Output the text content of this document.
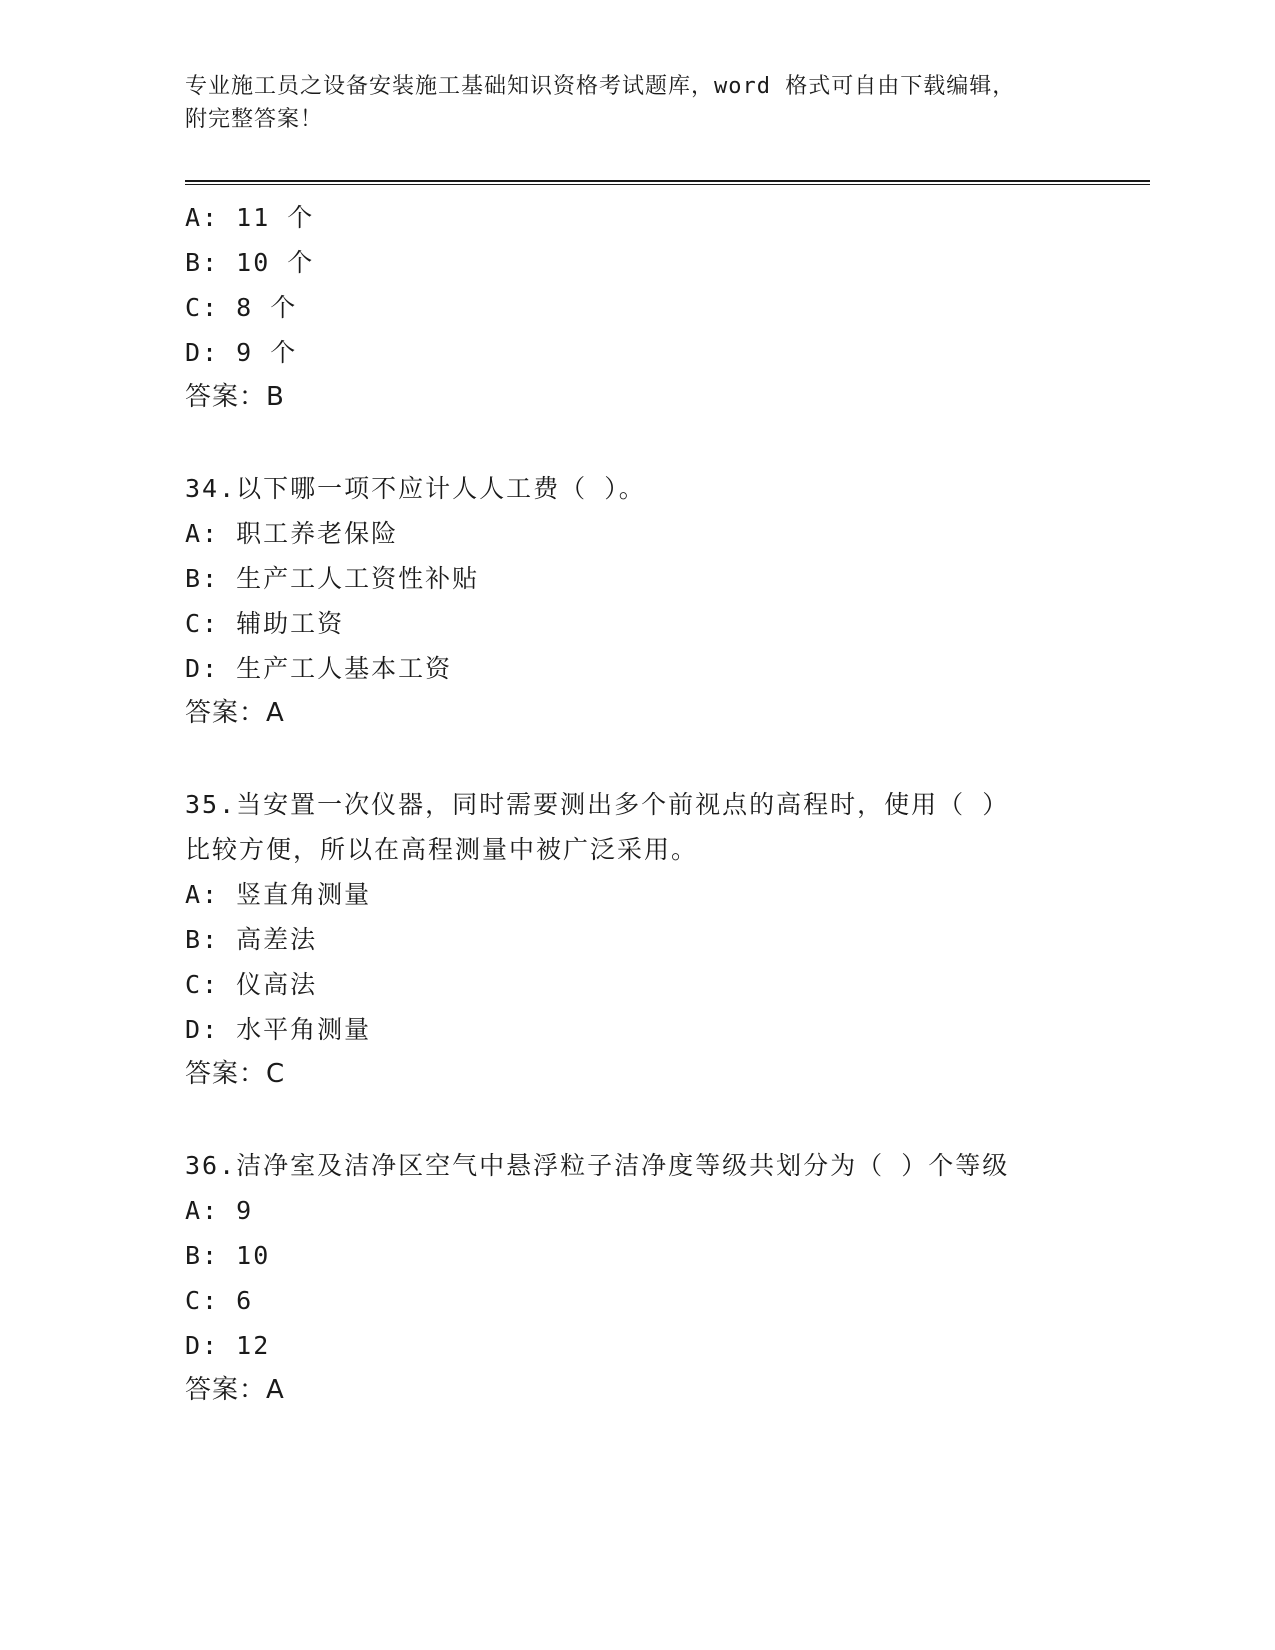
专业施工员之设备安装施工基础知识资格考试题库，word 格式可自由下载编辑，
附完整答案！

A: 11 个
B: 10 个
C: 8 个
D: 9 个
答案：B
34.以下哪一项不应计人人工费（ ）。
A: 职工养老保险
B: 生产工人工资性补贴
C: 辅助工资
D: 生产工人基本工资
答案：A
35.当安置一次仪器，同时需要测出多个前视点的高程时，使用（ ）
比较方便，所以在高程测量中被广泛采用。
A: 竖直角测量
B: 高差法
C: 仪高法
D: 水平角测量
答案：C
36.洁净室及洁净区空气中悬浮粒子洁净度等级共划分为（ ）个等级
A: 9
B: 10
C: 6
D: 12
答案：A
